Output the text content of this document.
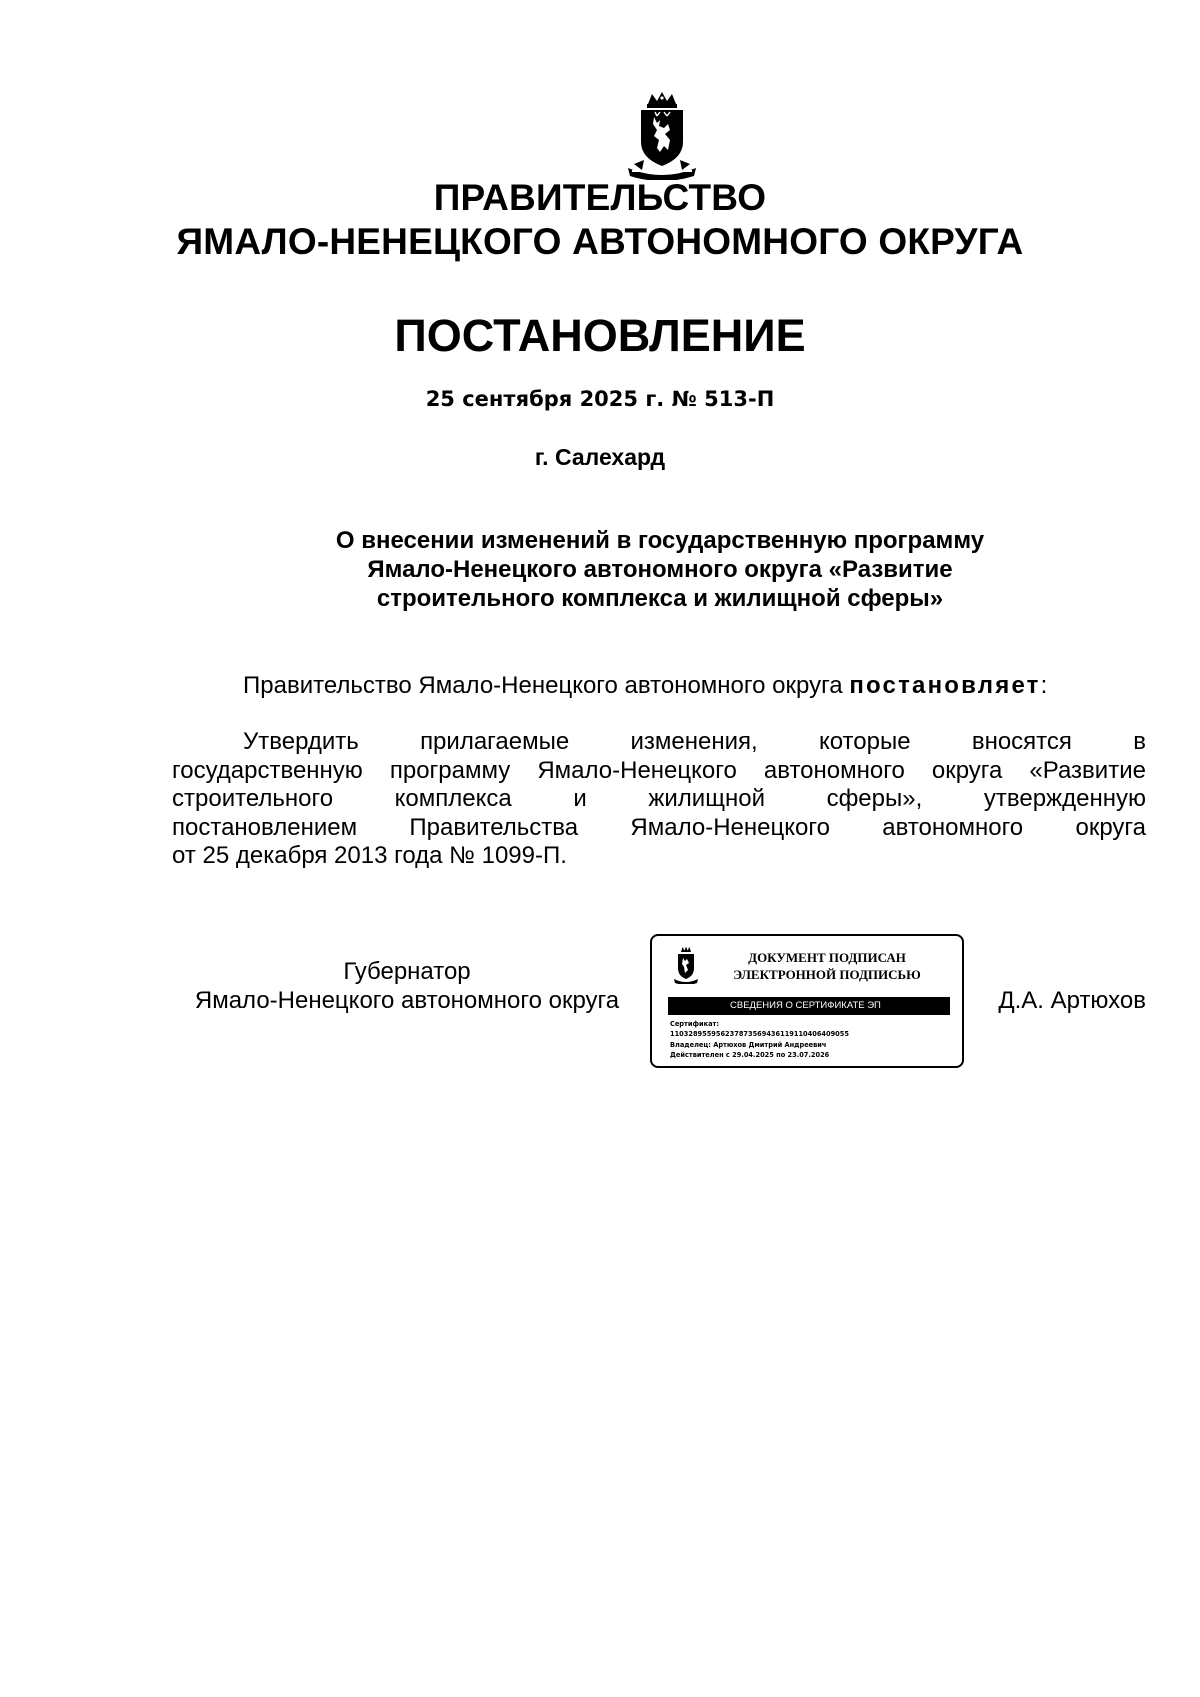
ПРАВИТЕЛЬСТВО
ЯМАЛО-НЕНЕЦКОГО АВТОНОМНОГО ОКРУГА
ПОСТАНОВЛЕНИЕ
25 сентября 2025 г. № 513-П
г. Салехард
О внесении изменений в государственную программу
Ямало-Ненецкого автономного округа «Развитие
строительного комплекса и жилищной сферы»
Правительство Ямало-Ненецкого автономного округа постановляет:
Утвердить	прилагаемые	изменения,	которые	вносятся	в
государственную программу Ямало-Ненецкого автономного округа «Развитие
строительного	комплекса	и	жилищной	сферы»,	утвержденную
постановлением Правительства Ямало-Ненецкого автономного округа
от 25 декабря 2013 года № 1099-П.
Губернатор
Ямало-Ненецкого автономного округа
ДОКУМЕНТ ПОДПИСАН
ЭЛЕКТРОННОЙ ПОДПИСЬЮ
СВЕДЕНИЯ О СЕРТИФИКАТЕ ЭП
Сертификат:
1103289559562378735694361191104064090​55
Владелец: Артюхов Дмитрий Андреевич
Действителен с 29.04.2025 по 23.07.2026
Д.А. Артюхов
